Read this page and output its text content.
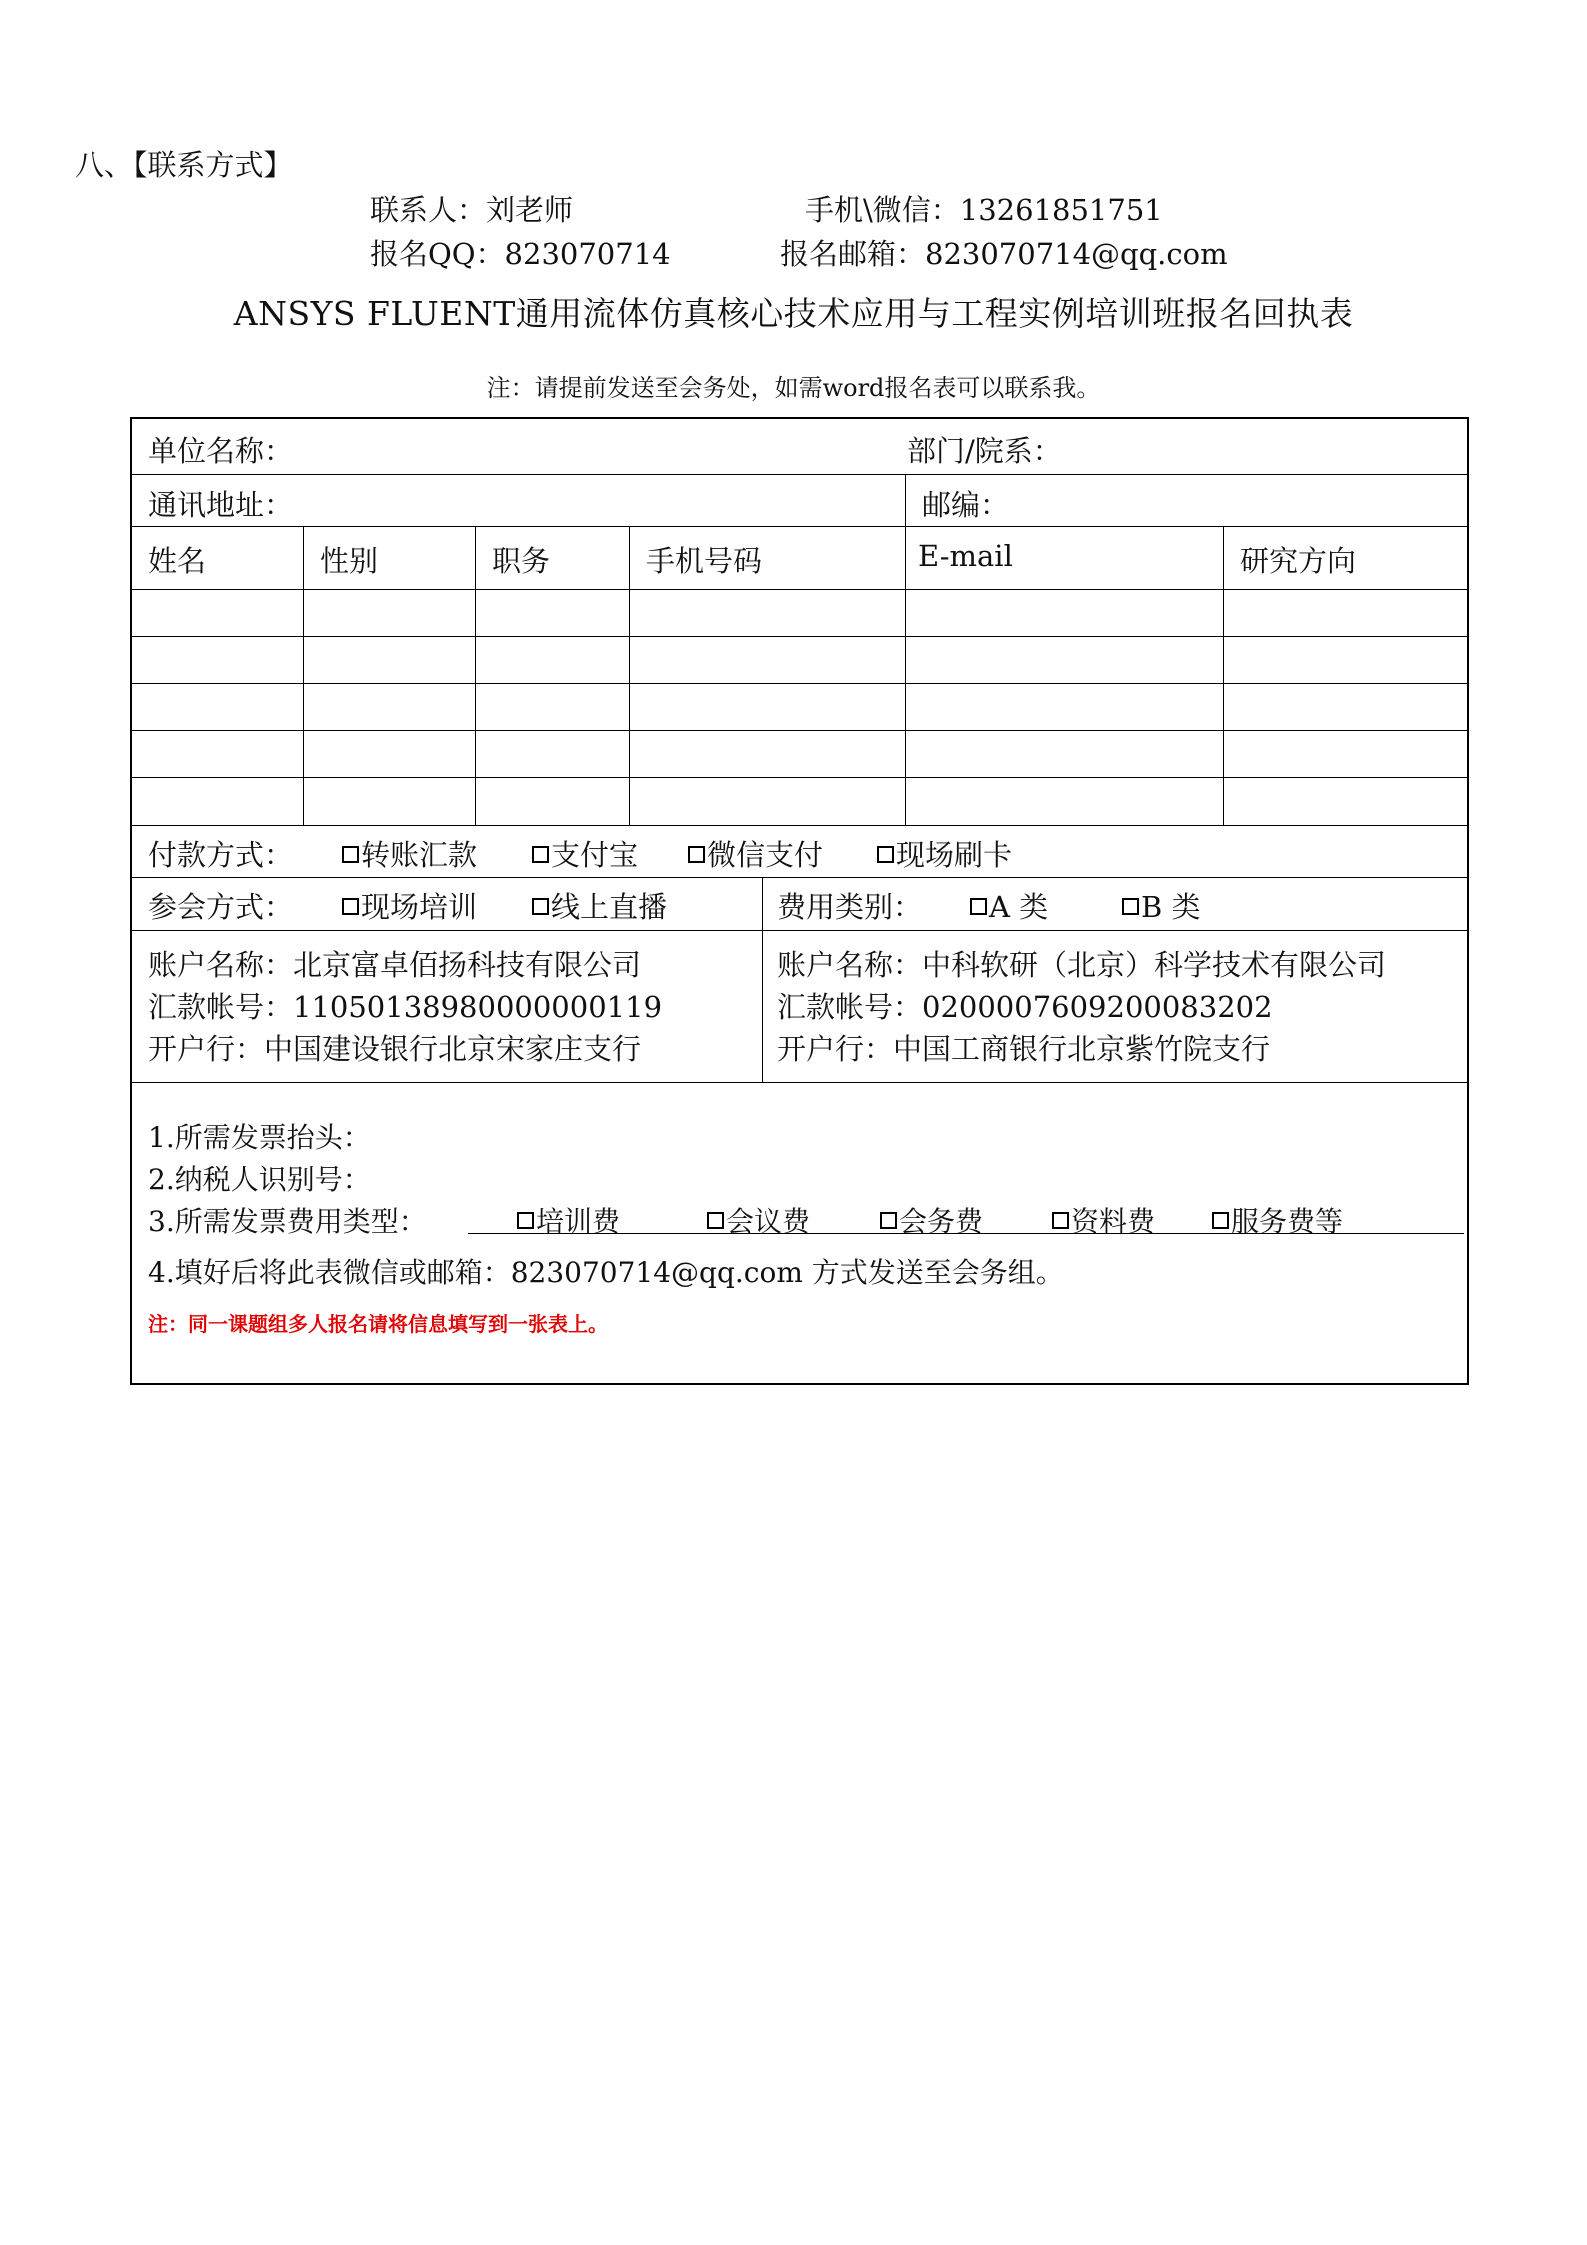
八、【联系方式】
联系人：刘老师	手机\微信：13261851751
报名QQ：823070714	报名邮箱：823070714@qq.com
ANSYS FLUENT通用流体仿真核心技术应用与工程实例培训班报名回执表
注：请提前发送至会务处，如需word报名表可以联系我。
单位名称：	部门/院系：
通讯地址：	邮编：
姓名	性别	职务	手机号码	E-mail	研究方向
付款方式：	转账汇款	支付宝	微信支付	现场刷卡
参会方式：	现场培训	线上直播	费用类别：	A 类	B 类
账户名称：北京富卓佰扬科技有限公司
汇款帐号：11050138980000000119
开户行：中国建设银行北京宋家庄支行
账户名称：中科软研（北京）科学技术有限公司
汇款帐号：0200007609200083202
开户行：中国工商银行北京紫竹院支行
1.所需发票抬头：
2.纳税人识别号：
3.所需发票费用类型：	培训费	会议费	会务费	资料费	服务费等
4.填好后将此表微信或邮箱：823070714@qq.com 方式发送至会务组。
注：同一课题组多人报名请将信息填写到一张表上。
